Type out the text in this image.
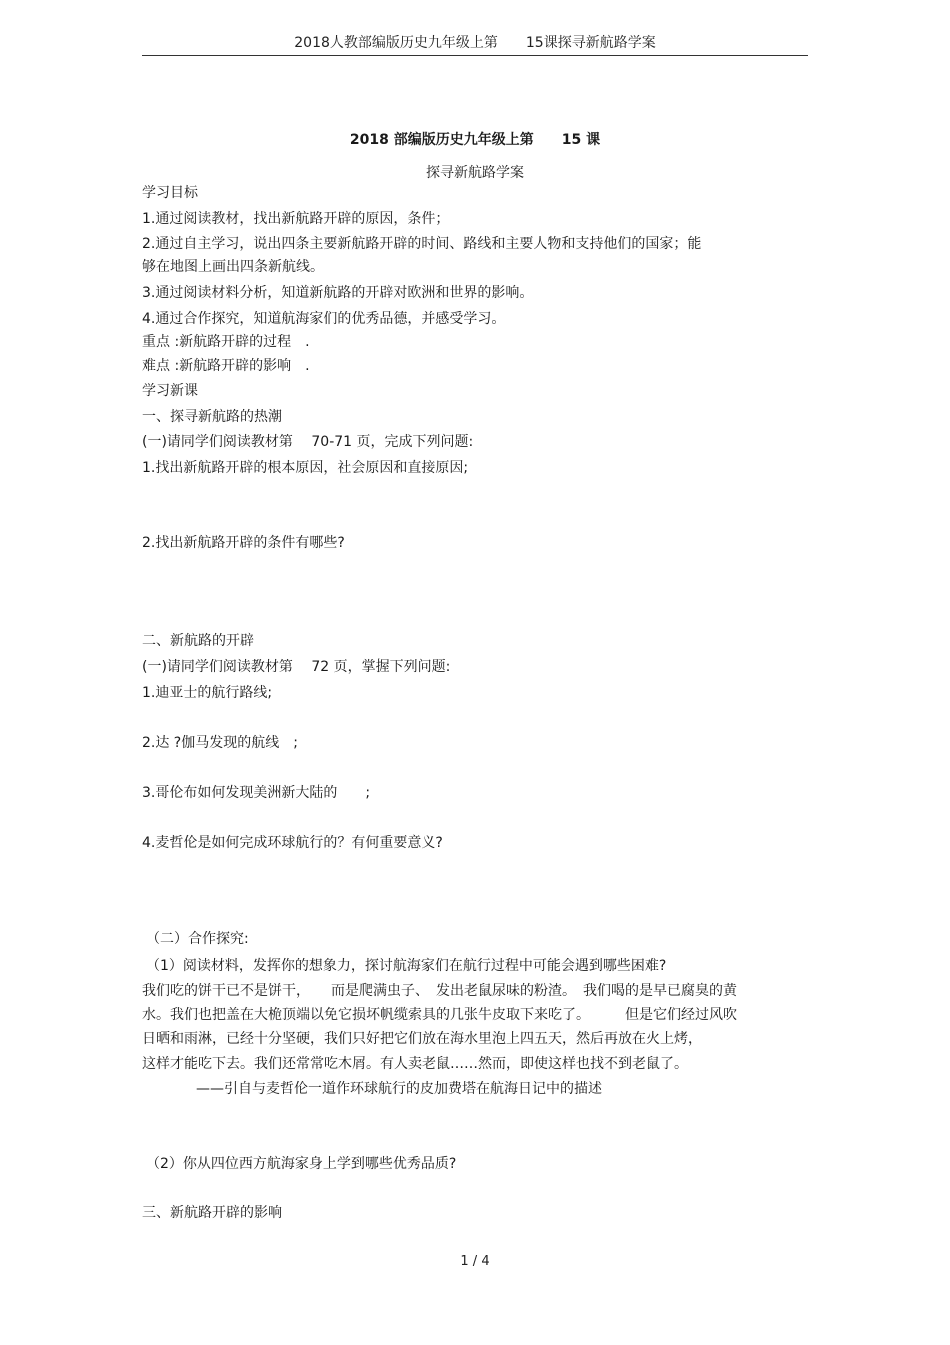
2018人教部编版历史九年级上第　　15课探寻新航路学案
2018 部编版历史九年级上第　　15 课
探寻新航路学案
学习目标
1.通过阅读教材，找出新航路开辟的原因，条件；
2.通过自主学习，说出四条主要新航路开辟的时间、路线和主要人物和支持他们的国家；能
够在地图上画出四条新航线。
3.通过阅读材料分析，知道新航路的开辟对欧洲和世界的影响。
4.通过合作探究，知道航海家们的优秀品德，并感受学习。
重点 :新航路开辟的过程　.
难点 :新航路开辟的影响　.
学习新课
一、探寻新航路的热潮
(一)请同学们阅读教材第　 70-71 页，完成下列问题:
1.找出新航路开辟的根本原因，社会原因和直接原因;
2.找出新航路开辟的条件有哪些?
二、新航路的开辟
(一)请同学们阅读教材第　 72 页，掌握下列问题:
1.迪亚士的航行路线;
2.达 ?伽马发现的航线　;
3.哥伦布如何发现美洲新大陆的　　;
4.麦哲伦是如何完成环球航行的？有何重要意义?
（二）合作探究:
（1）阅读材料，发挥你的想象力，探讨航海家们在航行过程中可能会遇到哪些困难?
我们吃的饼干已不是饼干，　　而是爬满虫子、　发出老鼠尿味的粉渣。　我们喝的是早已腐臭的黄
水。我们也把盖在大桅顶端以免它损坏帆缆索具的几张牛皮取下来吃了。　　　但是它们经过风吹
日晒和雨淋，已经十分坚硬，我们只好把它们放在海水里泡上四五天，然后再放在火上烤，
这样才能吃下去。我们还常常吃木屑。有人卖老鼠……然而，即使这样也找不到老鼠了。
——引自与麦哲伦一道作环球航行的皮加费塔在航海日记中的描述
（2）你从四位西方航海家身上学到哪些优秀品质?
三、新航路开辟的影响
1 / 4
